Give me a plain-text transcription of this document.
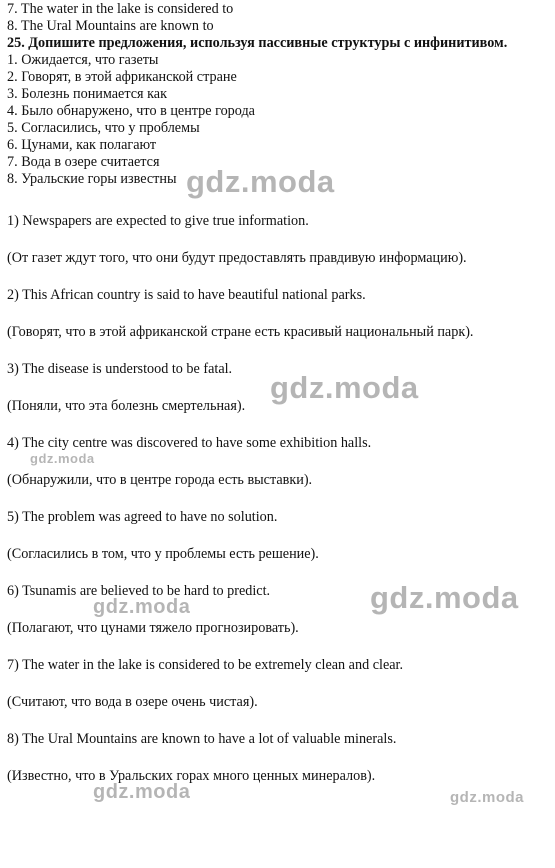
7. The water in the lake is considered to
8. The Ural Mountains are known to
25. Допишите предложения, используя пассивные структуры с инфинитивом.
1. Ожидается, что газеты
2. Говорят, в этой африканской стране
3. Болезнь понимается как
4. Было обнаружено, что в центре города
5. Согласились, что у проблемы
6. Цунами, как полагают
7. Вода в озере считается
8. Уральские горы известны
1) Newspapers are expected to give true information.
(От газет ждут того, что они будут предоставлять правдивую информацию).
2) This African country is said to have beautiful national parks.
(Говорят, что в этой африканской стране есть красивый национальный парк).
3) The disease is understood to be fatal.
(Поняли, что эта болезнь смертельная).
4) The city centre was discovered to have some exhibition halls.
(Обнаружили, что в центре города есть выставки).
5) The problem was agreed to have no solution.
(Согласились в том, что у проблемы есть решение).
6) Tsunamis are believed to be hard to predict.
(Полагают, что цунами тяжело прогнозировать).
7) The water in the lake is considered to be extremely clean and clear.
(Считают, что вода в озере очень чистая).
8) The Ural Mountains are known to have a lot of valuable minerals.
(Известно, что в Уральских горах много ценных минералов).
gdz.moda
gdz.moda
gdz.moda
gdz.moda
gdz.moda
gdz.moda	gdz.moda
